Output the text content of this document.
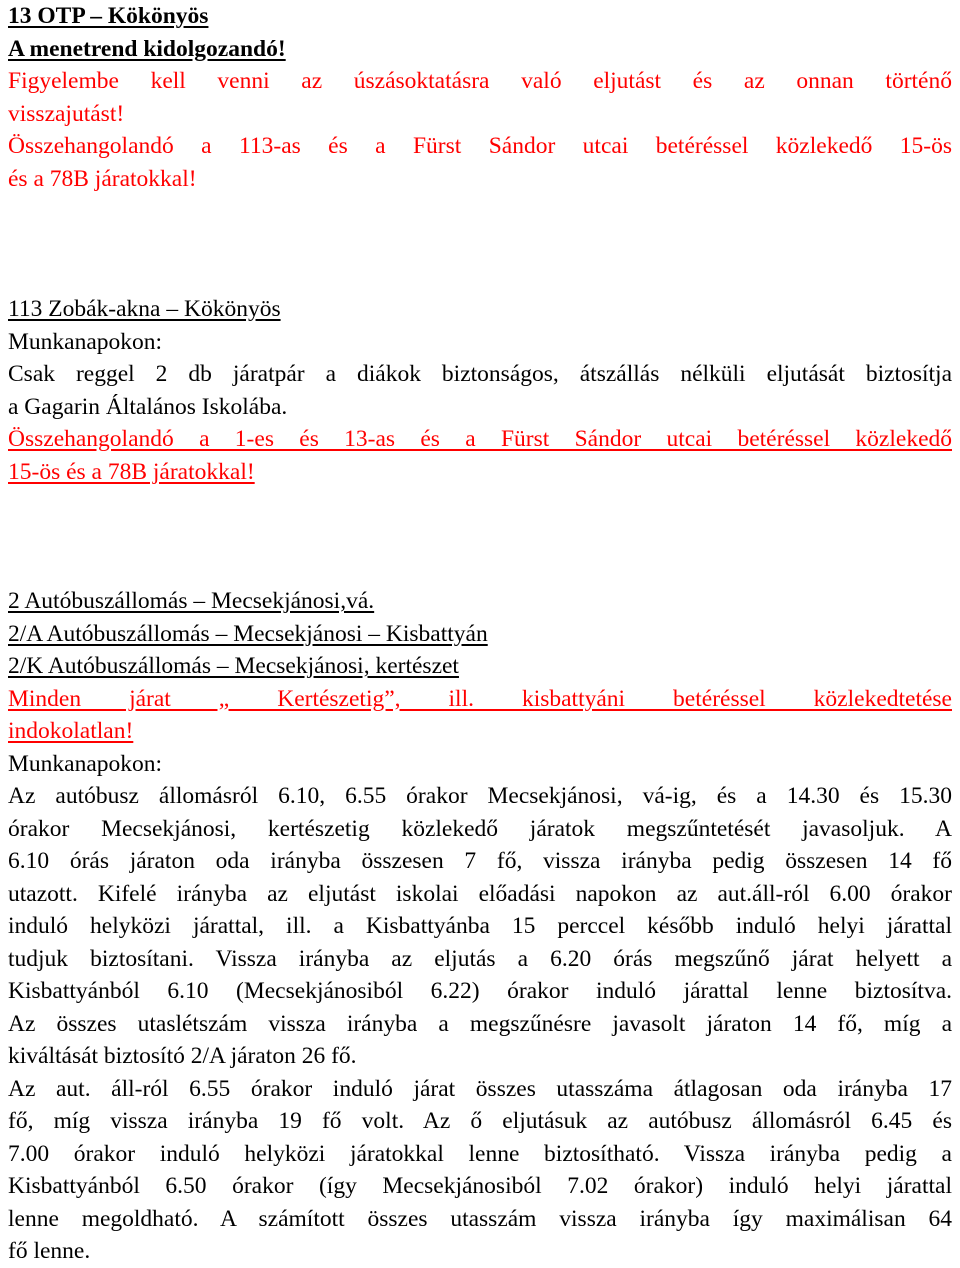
13 OTP – Kökönyös
A menetrend kidolgozandó!
Figyelembe kell venni az úszásoktatásra való eljutást és az onnan történő
visszajutást!
Összehangolandó a 113-as és a Fürst Sándor utcai betéréssel közlekedő 15-ös
és a 78B járatokkal!
113 Zobák-akna – Kökönyös
Munkanapokon:
Csak reggel 2 db járatpár a diákok biztonságos, átszállás nélküli eljutását biztosítja
a Gagarin Általános Iskolába.
Összehangolandó a 1-es és 13-as és a Fürst Sándor utcai betéréssel közlekedő
15-ös és a 78B járatokkal!
2 Autóbuszállomás – Mecsekjánosi,vá.
2/A Autóbuszállomás – Mecsekjánosi – Kisbattyán
2/K Autóbuszállomás – Mecsekjánosi, kertészet
Minden járat „ Kertészetig”, ill. kisbattyáni betéréssel közlekedtetése
indokolatlan!
Munkanapokon:
Az autóbusz állomásról 6.10, 6.55 órakor Mecsekjánosi, vá-ig, és a 14.30 és 15.30
órakor Mecsekjánosi, kertészetig közlekedő járatok megszűntetését javasoljuk. A
6.10 órás járaton oda irányba összesen 7 fő, vissza irányba pedig összesen 14 fő
utazott. Kifelé irányba az eljutást iskolai előadási napokon az aut.áll-ról 6.00 órakor
induló helyközi járattal, ill. a Kisbattyánba 15 perccel később induló helyi járattal
tudjuk biztosítani. Vissza irányba az eljutás a 6.20 órás megszűnő járat helyett a
Kisbattyánból 6.10 (Mecsekjánosiból 6.22) órakor induló járattal lenne biztosítva.
Az összes utaslétszám vissza irányba a megszűnésre javasolt járaton 14 fő, míg a
kiváltását biztosító 2/A járaton 26 fő.
Az aut. áll-ról 6.55 órakor induló járat összes utasszáma átlagosan oda irányba 17
fő, míg vissza irányba 19 fő volt. Az ő eljutásuk az autóbusz állomásról 6.45 és
7.00 órakor induló helyközi járatokkal lenne biztosítható. Vissza irányba pedig a
Kisbattyánból 6.50 órakor (így Mecsekjánosiból 7.02 órakor) induló helyi járattal
lenne megoldható. A számított összes utasszám vissza irányba így maximálisan 64
fő lenne.
